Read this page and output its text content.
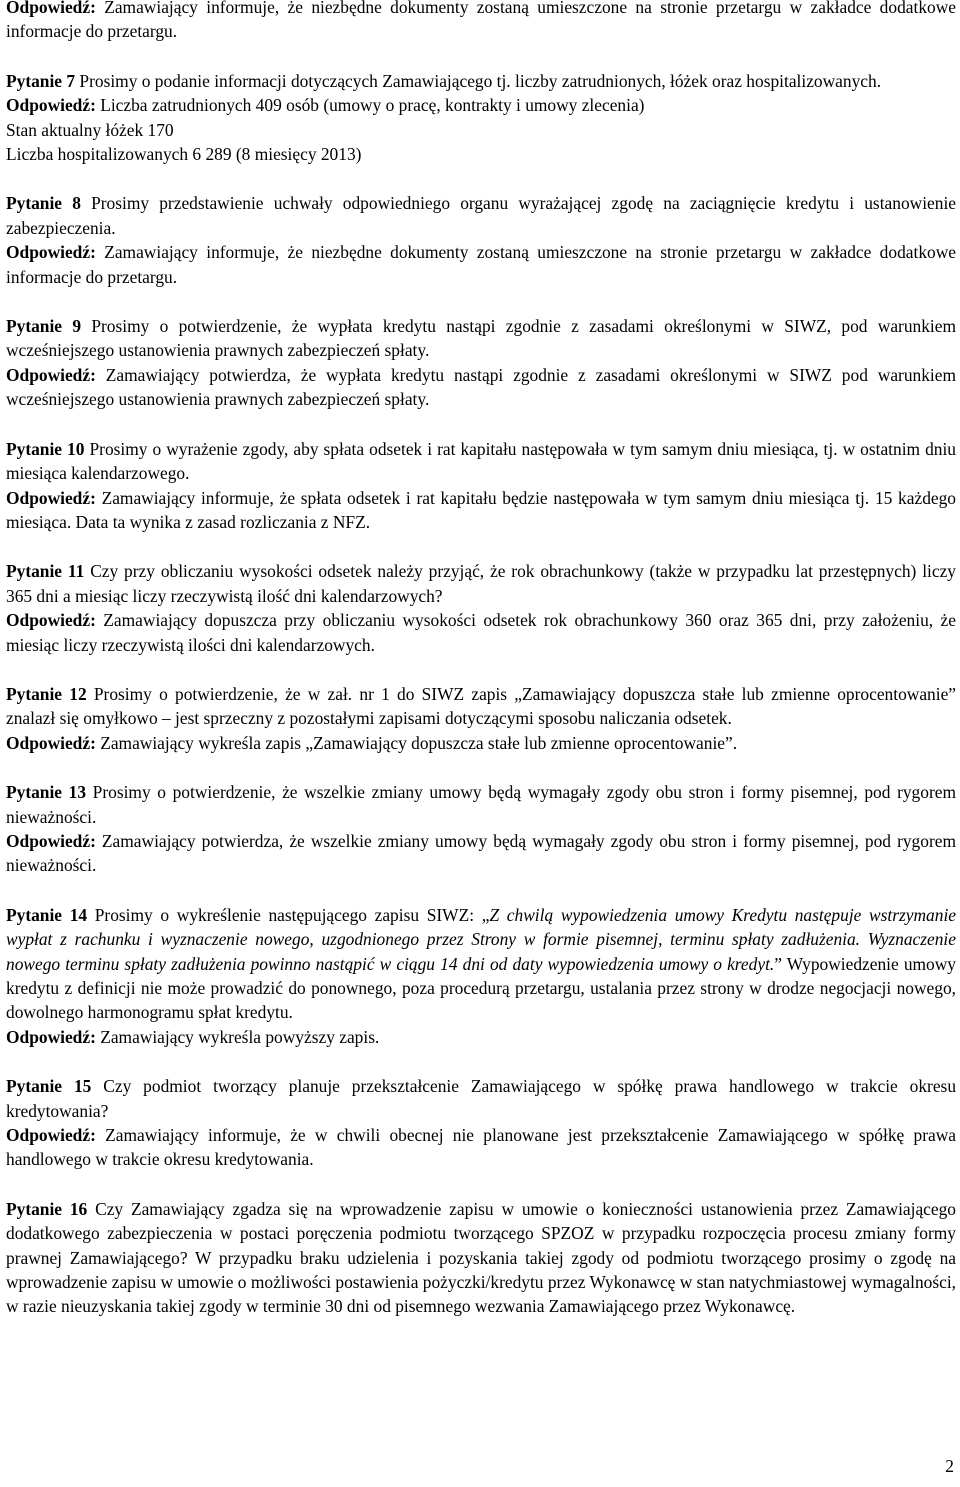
Odpowiedź: Zamawiający informuje, że niezbędne dokumenty zostaną umieszczone na stronie przetargu w zakładce dodatkowe informacje do przetargu.

Pytanie 7 Prosimy o podanie informacji dotyczących Zamawiającego tj. liczby zatrudnionych, łóżek oraz hospitalizowanych.

Odpowiedź: Liczba zatrudnionych 409 osób (umowy o pracę, kontrakty i umowy zlecenia)

Stan aktualny łóżek 170

Liczba hospitalizowanych 6 289 (8 miesięcy 2013)

Pytanie 8 Prosimy przedstawienie uchwały odpowiedniego organu wyrażającej zgodę na zaciągnięcie kredytu i ustanowienie zabezpieczenia.

Odpowiedź: Zamawiający informuje, że niezbędne dokumenty zostaną umieszczone na stronie przetargu w zakładce dodatkowe informacje do przetargu.

Pytanie 9 Prosimy o potwierdzenie, że wypłata kredytu nastąpi zgodnie z zasadami określonymi w SIWZ, pod warunkiem wcześniejszego ustanowienia prawnych zabezpieczeń spłaty.

Odpowiedź: Zamawiający potwierdza, że wypłata kredytu nastąpi zgodnie z zasadami określonymi w SIWZ pod warunkiem wcześniejszego ustanowienia prawnych zabezpieczeń spłaty.

Pytanie 10 Prosimy o wyrażenie zgody, aby spłata odsetek i rat kapitału następowała w tym samym dniu miesiąca, tj. w ostatnim dniu miesiąca kalendarzowego.

Odpowiedź: Zamawiający informuje, że spłata odsetek i rat kapitału będzie następowała w tym samym dniu miesiąca tj. 15 każdego miesiąca. Data ta wynika z zasad rozliczania z NFZ.

Pytanie 11 Czy przy obliczaniu wysokości odsetek należy przyjąć, że rok obrachunkowy (także w przypadku lat przestępnych) liczy 365 dni a miesiąc liczy rzeczywistą ilość dni kalendarzowych?

Odpowiedź: Zamawiający dopuszcza przy obliczaniu wysokości odsetek rok obrachunkowy 360 oraz 365 dni, przy założeniu, że miesiąc liczy rzeczywistą ilości dni kalendarzowych.

Pytanie 12 Prosimy o potwierdzenie, że w zał. nr 1 do SIWZ zapis „Zamawiający dopuszcza stałe lub zmienne oprocentowanie” znalazł się omyłkowo – jest sprzeczny z pozostałymi zapisami dotyczącymi sposobu naliczania odsetek.

Odpowiedź: Zamawiający wykreśla zapis „Zamawiający dopuszcza stałe lub zmienne oprocentowanie”.

Pytanie 13 Prosimy o potwierdzenie, że wszelkie zmiany umowy będą wymagały zgody obu stron i formy pisemnej, pod rygorem nieważności.

Odpowiedź: Zamawiający potwierdza, że wszelkie zmiany umowy będą wymagały zgody obu stron i formy pisemnej, pod rygorem nieważności.

Pytanie 14 Prosimy o wykreślenie następującego zapisu SIWZ: „Z chwilą wypowiedzenia umowy Kredytu następuje wstrzymanie wypłat z rachunku i wyznaczenie nowego, uzgodnionego przez Strony w formie pisemnej, terminu spłaty zadłużenia. Wyznaczenie nowego terminu spłaty zadłużenia powinno nastąpić w ciągu 14 dni od daty wypowiedzenia umowy o kredyt.” Wypowiedzenie umowy kredytu z definicji nie może prowadzić do ponownego, poza procedurą przetargu, ustalania przez strony w drodze negocjacji nowego, dowolnego harmonogramu spłat kredytu.

Odpowiedź: Zamawiający wykreśla powyższy zapis.

Pytanie 15 Czy podmiot tworzący planuje przekształcenie Zamawiającego w spółkę prawa handlowego w trakcie okresu kredytowania?

Odpowiedź: Zamawiający informuje, że w chwili obecnej nie planowane jest przekształcenie Zamawiającego w spółkę prawa handlowego w trakcie okresu kredytowania.

Pytanie 16 Czy Zamawiający zgadza się na wprowadzenie zapisu w umowie o konieczności ustanowienia przez Zamawiającego dodatkowego zabezpieczenia w postaci poręczenia podmiotu tworzącego SPZOZ w przypadku rozpoczęcia procesu zmiany formy prawnej Zamawiającego? W przypadku braku udzielenia i pozyskania takiej zgody od podmiotu tworzącego prosimy o zgodę na wprowadzenie zapisu w umowie o możliwości postawienia pożyczki/kredytu przez Wykonawcę w stan natychmiastowej wymagalności, w razie nieuzyskania takiej zgody w terminie 30 dni od pisemnego wezwania Zamawiającego przez Wykonawcę.

2
